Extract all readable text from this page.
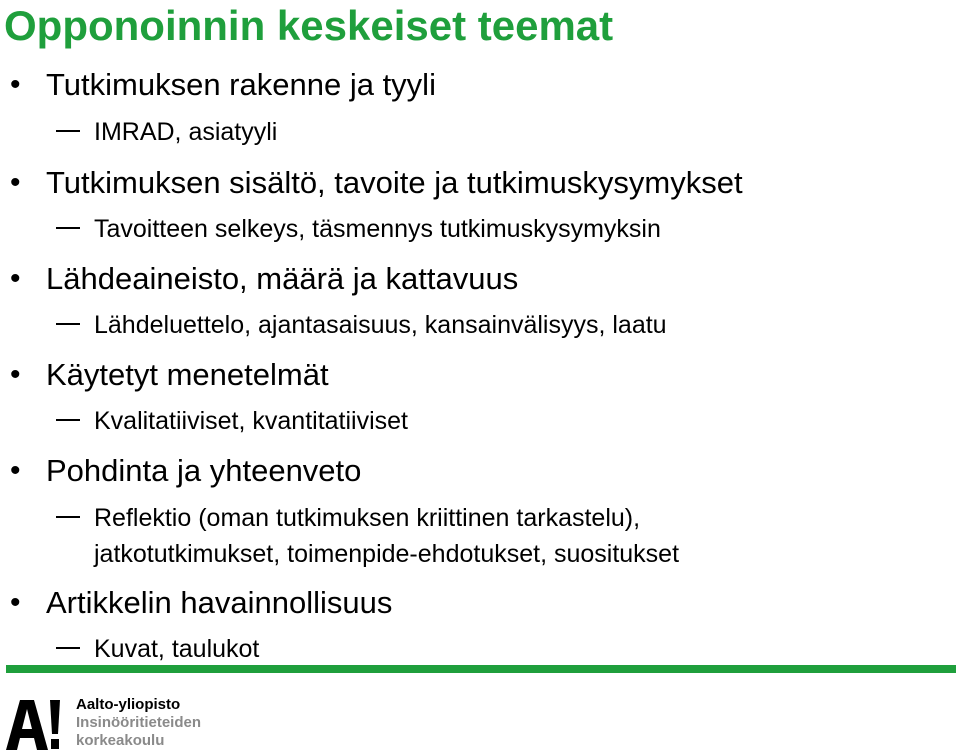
Opponoinnin keskeiset teemat
• Tutkimuksen rakenne ja tyyli
IMRAD, asiatyyli
• Tutkimuksen sisältö, tavoite ja tutkimuskysymykset
Tavoitteen selkeys, täsmennys tutkimuskysymyksin
• Lähdeaineisto, määrä ja kattavuus
Lähdeluettelo, ajantasaisuus, kansainvälisyys, laatu
• Käytetyt menetelmät
Kvalitatiiviset, kvantitatiiviset
• Pohdinta ja yhteenveto
Reflektio (oman tutkimuksen kriittinen tarkastelu),
jatkotutkimukset, toimenpide-ehdotukset, suositukset
• Artikkelin havainnollisuus
Kuvat, taulukot
Aalto-yliopisto
Insinööritieteiden
korkeakoulu
